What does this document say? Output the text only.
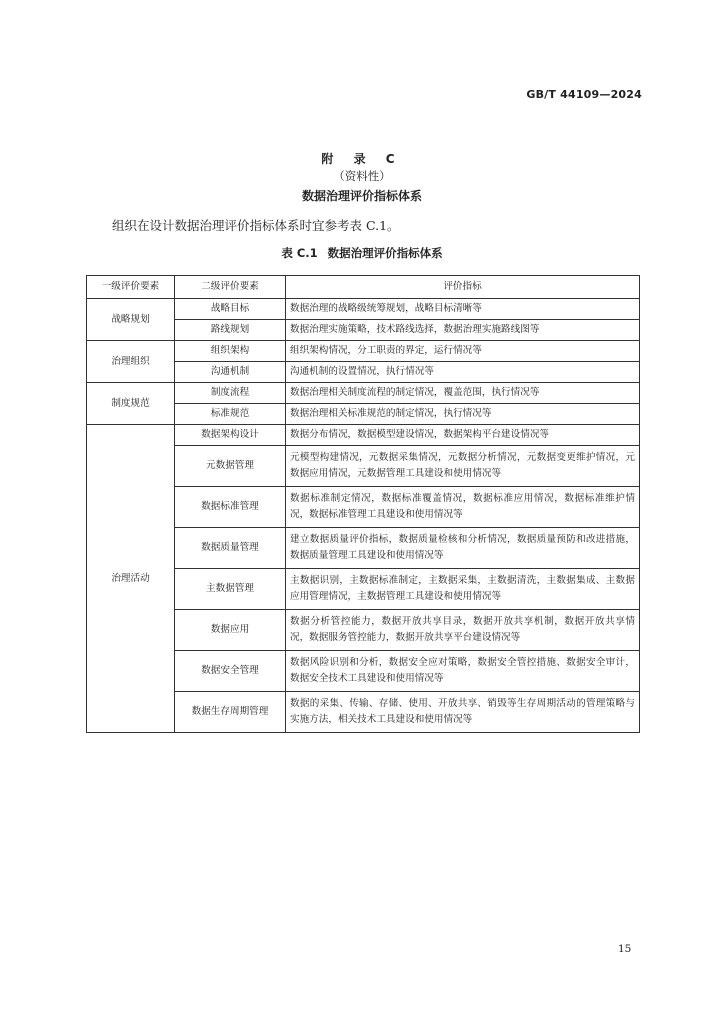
GB/T 44109—2024
附 录 C
（资料性）
数据治理评价指标体系
组织在设计数据治理评价指标体系时宜参考表 C.1。
表 C.1 数据治理评价指标体系
一级评价要素	二级评价要素	评价指标
战略规划	战略目标	数据治理的战略级统筹规划，战略目标清晰等
	路线规划	数据治理实施策略，技术路线选择，数据治理实施路线图等
治理组织	组织架构	组织架构情况，分工职责的界定，运行情况等
	沟通机制	沟通机制的设置情况，执行情况等
制度规范	制度流程	数据治理相关制度流程的制定情况，覆盖范围，执行情况等
	标准规范	数据治理相关标准规范的制定情况，执行情况等
治理活动	数据架构设计	数据分布情况，数据模型建设情况，数据架构平台建设情况等
	元数据管理	元模型构建情况，元数据采集情况，元数据分析情况，元数据变更维护情况，元数据应用情况，元数据管理工具建设和使用情况等
	数据标准管理	数据标准制定情况，数据标准覆盖情况，数据标准应用情况，数据标准维护情况，数据标准管理工具建设和使用情况等
	数据质量管理	建立数据质量评价指标，数据质量检核和分析情况，数据质量预防和改进措施，数据质量管理工具建设和使用情况等
	主数据管理	主数据识别，主数据标准制定，主数据采集，主数据清洗，主数据集成、主数据应用管理情况，主数据管理工具建设和使用情况等
	数据应用	数据分析管控能力，数据开放共享目录，数据开放共享机制，数据开放共享情况，数据服务管控能力，数据开放共享平台建设情况等
	数据安全管理	数据风险识别和分析，数据安全应对策略，数据安全管控措施、数据安全审计，数据安全技术工具建设和使用情况等
	数据生存周期管理	数据的采集、传输、存储、使用、开放共享、销毁等生存周期活动的管理策略与实施方法，相关技术工具建设和使用情况等
15
